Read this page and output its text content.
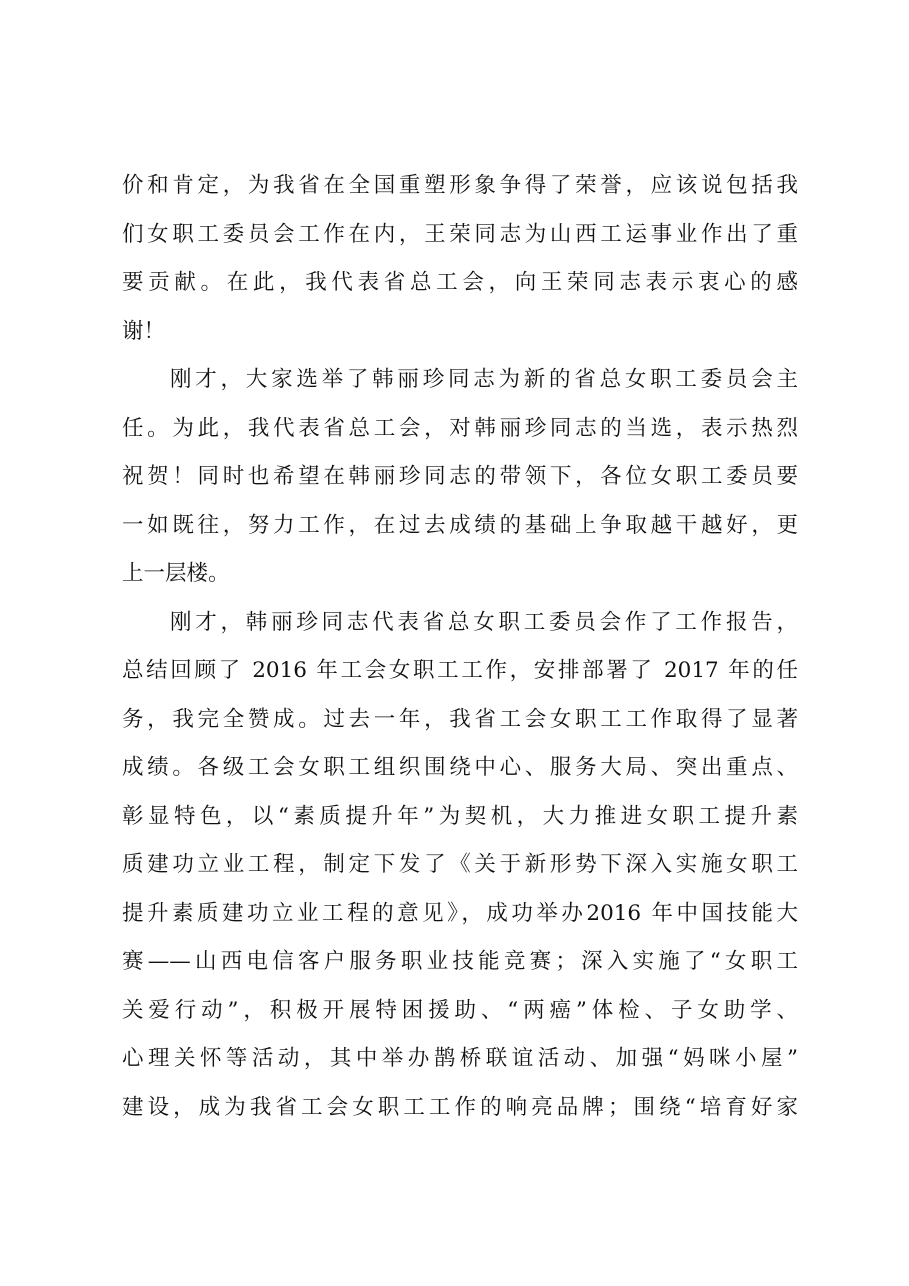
价和肯定，为我省在全国重塑形象争得了荣誉，应该说包括我
们女职工委员会工作在内，王荣同志为山西工运事业作出了重
要贡献。在此，我代表省总工会，向王荣同志表示衷心的感
谢！
刚才，大家选举了韩丽珍同志为新的省总女职工委员会主
任。为此，我代表省总工会，对韩丽珍同志的当选，表示热烈
祝贺！同时也希望在韩丽珍同志的带领下，各位女职工委员要
一如既往，努力工作，在过去成绩的基础上争取越干越好，更
上一层楼。
刚才，韩丽珍同志代表省总女职工委员会作了工作报告，
总结回顾了 2016 年工会女职工工作，安排部署了 2017 年的任
务，我完全赞成。过去一年，我省工会女职工工作取得了显著
成绩。各级工会女职工组织围绕中心、服务大局、突出重点、
彰显特色，以“素质提升年”为契机，大力推进女职工提升素
质建功立业工程，制定下发了《关于新形势下深入实施女职工
提升素质建功立业工程的意见》，成功举办2016 年中国技能大
赛——山西电信客户服务职业技能竞赛；深入实施了“女职工
关爱行动”，积极开展特困援助、“两癌”体检、子女助学、
心理关怀等活动，其中举办鹊桥联谊活动、加强“妈咪小屋”
建设，成为我省工会女职工工作的响亮品牌；围绕“培育好家
